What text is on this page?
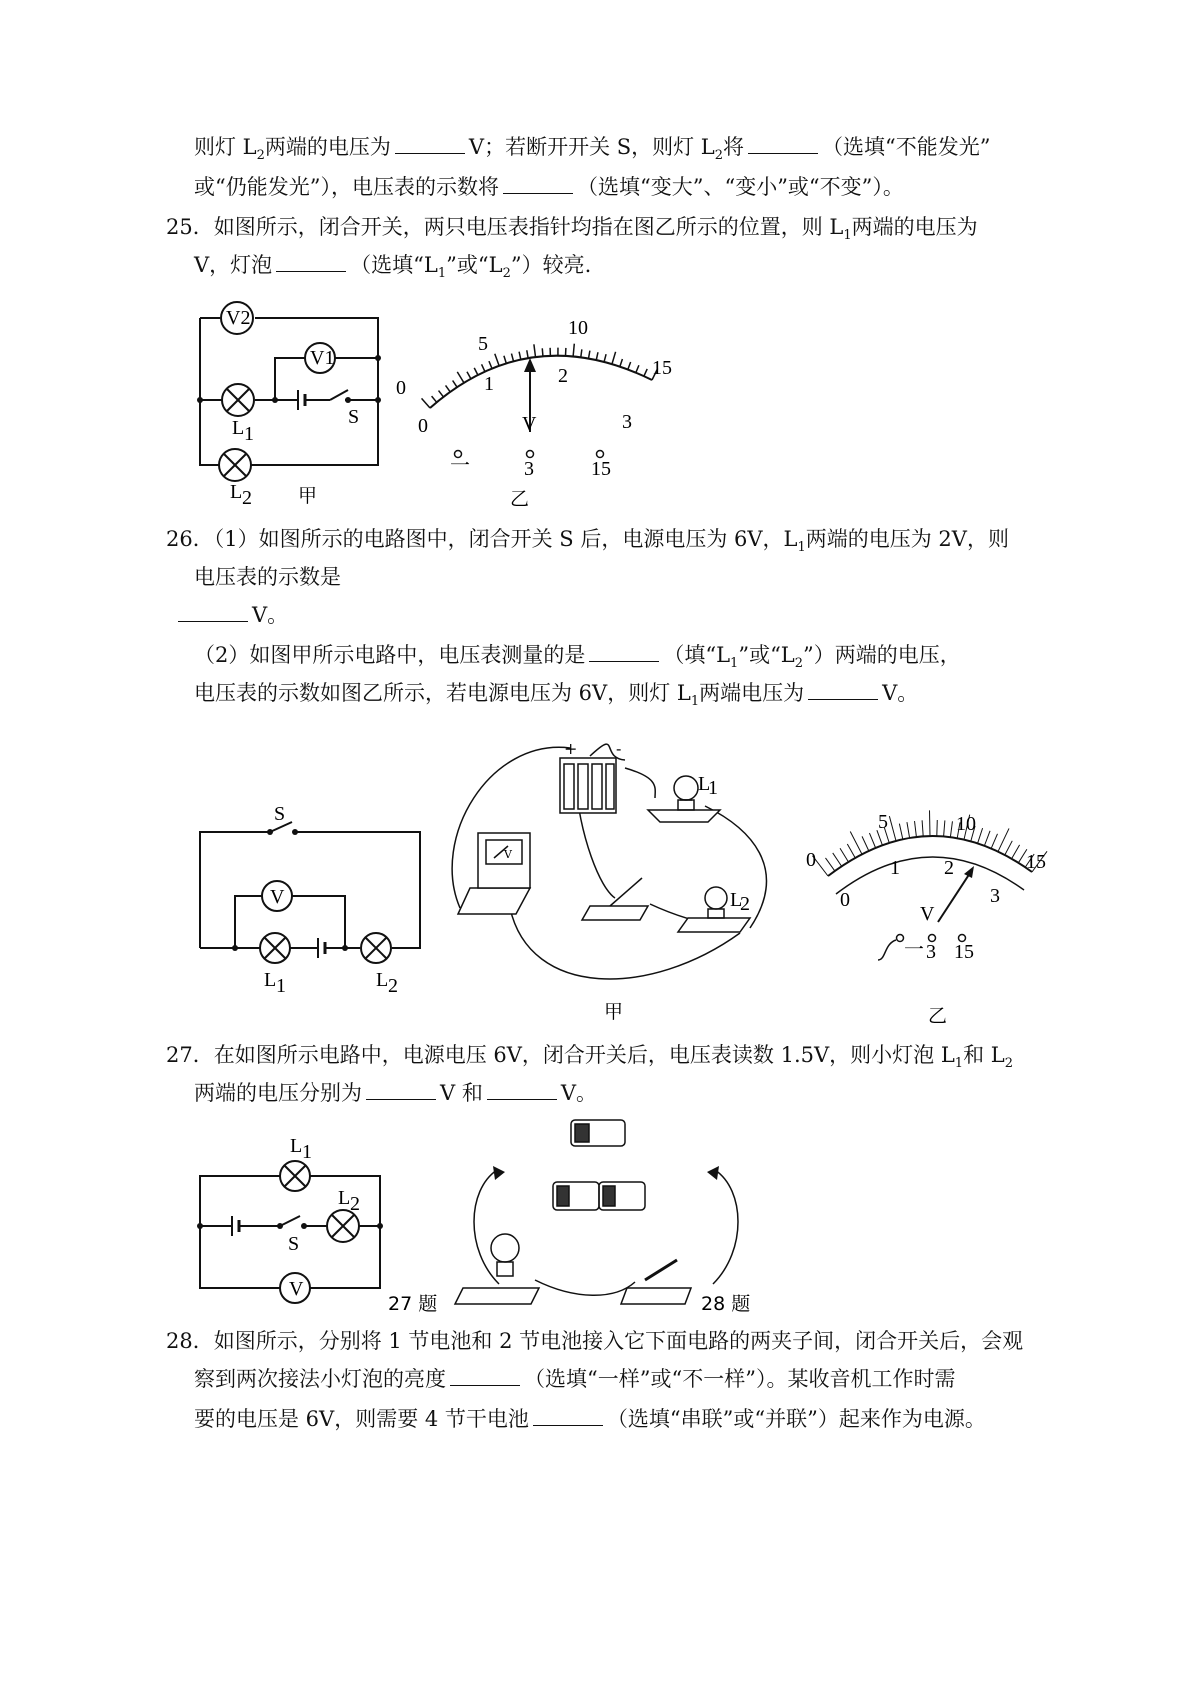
则灯 $L_2$两端的电压为	V；若断开开关 S，则灯 $L_2$将	（选填“不能发光”
或“仍能发光”），电压表的示数将	（选填“变大”、“变小”或“不变”）。
25．如图所示，闭合开关，两只电压表指针均指在图乙所示的位置，则 $L_1$两端的电压为
V，灯泡	（选填“$L_1$”或“$L_2$”）较亮.
V2
V1
L 1
L 2
S
甲
0
5
10
15
0
1	2
3
V
一	3	15
乙
26．（1）如图所示的电路图中，闭合开关 S 后，电源电压为 6V，$L_1$两端的电压为 2V，则
电压表的示数是
V。
（2）如图甲所示电路中，电压表测量的是	（填“$L_1$”或“$L_2$”）两端的电压，
电压表的示数如图乙所示，若电源电压为 6V，则灯 $L_1$两端电压为	V。
S
V
L 1	L 2
+ -
V
L
1
L
2
甲
0
5	10
15
0
1 2
3
V
一 3 15
乙
27．在如图所示电路中，电源电压 6V，闭合开关后，电压表读数 1.5V，则小灯泡 $L_1$和 $L_2$
两端的电压分别为	V 和	V。
L 1
L 2
S
V
27 题	28 题
28．如图所示，分别将 1 节电池和 2 节电池接入它下面电路的两夹子间，闭合开关后，会观
察到两次接法小灯泡的亮度	（选填“一样”或“不一样”）。某收音机工作时需
要的电压是 6V，则需要 4 节干电池	（选填“串联”或“并联”）起来作为电源。
